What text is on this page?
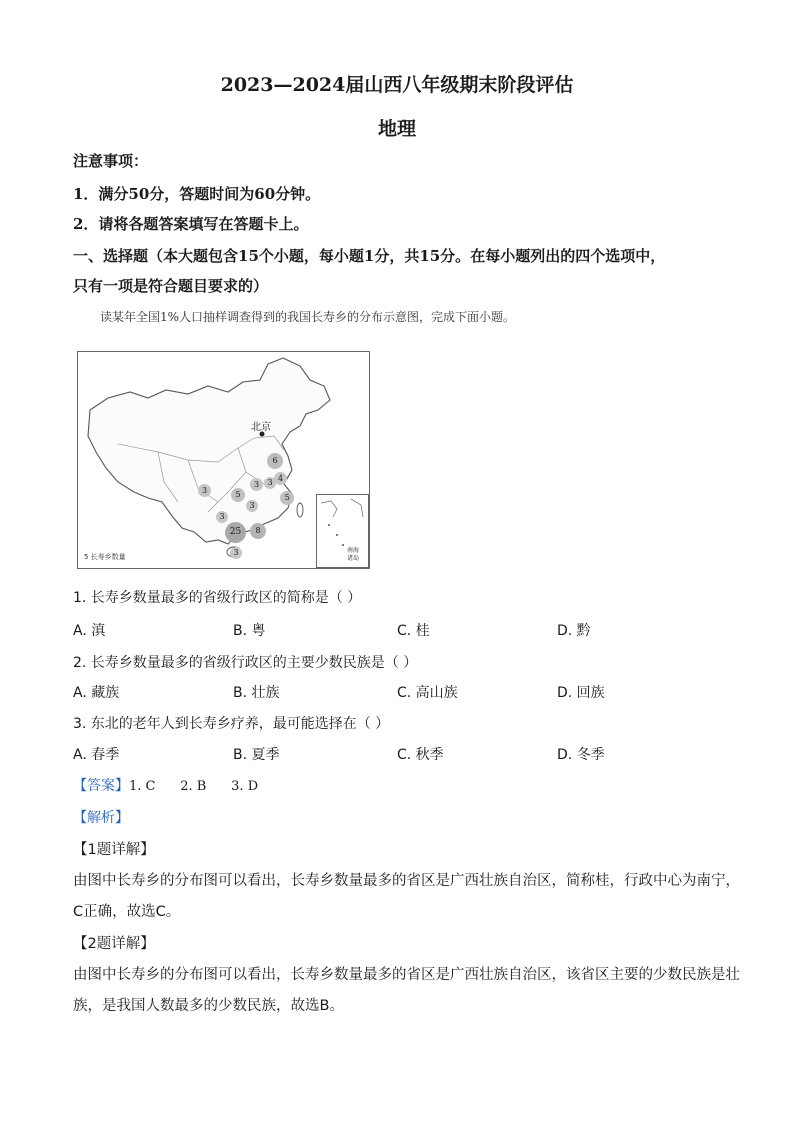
2023—2024届山西八年级期末阶段评估
地理
注意事项：
1．满分50分，答题时间为60分钟。
2．请将各题答案填写在答题卡上。
一、选择题（本大题包含15个小题，每小题1分，共15分。在每小题列出的四个选项中，
只有一项是符合题目要求的）
读某年全国1%人口抽样调查得到的我国长寿乡的分布示意图，完成下面小题。
北京
6
4
3
5
3
3
5
3
3
25	8
3
5 长寿乡数量
南海
诸岛
1. 长寿乡数量最多的省级行政区的简称是（ ）
A. 滇	B. 粤	C. 桂	D. 黔
2. 长寿乡数量最多的省级行政区的主要少数民族是（ ）
A. 藏族	B. 壮族	C. 高山族	D. 回族
3. 东北的老年人到长寿乡疗养，最可能选择在（ ）
A. 春季	B. 夏季	C. 秋季	D. 冬季
【答案】1. C      2. B      3. D
【解析】
【1题详解】
由图中长寿乡的分布图可以看出，长寿乡数量最多的省区是广西壮族自治区，简称桂，行政中心为南宁，
C正确，故选C。
【2题详解】
由图中长寿乡的分布图可以看出，长寿乡数量最多的省区是广西壮族自治区，该省区主要的少数民族是壮
族，是我国人数最多的少数民族，故选B。
